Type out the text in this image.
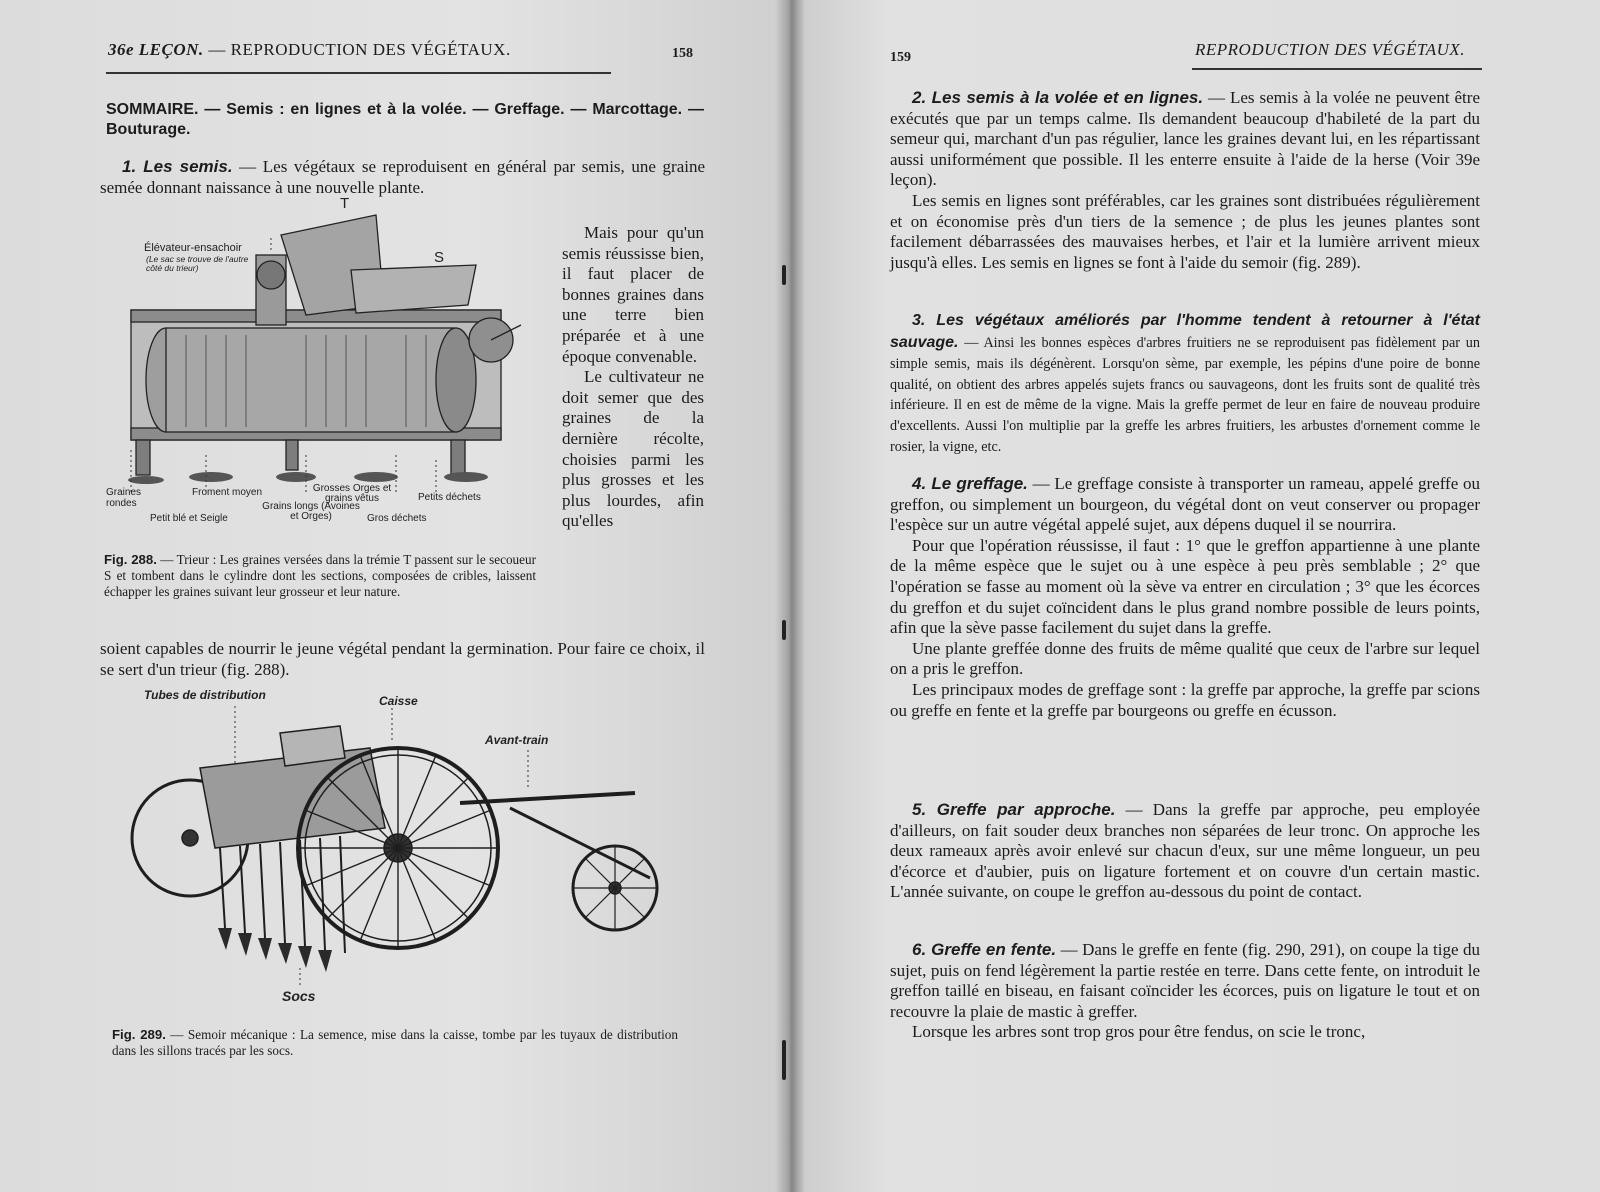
36e LEÇON. — REPRODUCTION DES VÉGÉTAUX.	158
SOMMAIRE. — Semis : en lignes et à la volée. — Greffage. — Marcottage. — Bouturage.

1. Les semis. — Les végétaux se reproduisent en général par semis, une graine semée donnant naissance à une nouvelle plante.

Mais pour qu'un semis réussisse bien, il faut placer de bonnes graines dans une terre bien préparée et à une époque convenable.

Le cultivateur ne doit semer que des graines de la dernière récolte, choisies parmi les plus grosses et les plus lourdes, afin qu'elles

soient capables de nourrir le jeune végétal pendant la germination. Pour faire ce choix, il se sert d'un trieur (fig. 288).
T
S
Élévateur-ensachoir
(Le sac se trouve de l'autre côté du trieur)
Graines rondes
Froment moyen	Grosses Orges et grains vêtus	Petits déchets
Petit blé et Seigle
Grains longs (Avoines et Orges)	Gros déchets
Fig. 288. — Trieur : Les graines versées dans la trémie T passent sur le secoueur S et tombent dans le cylindre dont les sections, composées de cribles, laissent échapper les graines suivant leur grosseur et leur nature.
Tubes de distribution	Caisse
Avant-train
Socs
Fig. 289. — Semoir mécanique : La semence, mise dans la caisse, tombe par les tuyaux de distribution dans les sillons tracés par les socs.
159	REPRODUCTION DES VÉGÉTAUX.

2. Les semis à la volée et en lignes. — Les semis à la volée ne peuvent être exécutés que par un temps calme. Ils demandent beaucoup d'habileté de la part du semeur qui, marchant d'un pas régulier, lance les graines devant lui, en les répartissant aussi uniformément que possible. Il les enterre ensuite à l'aide de la herse (Voir 39e leçon).

Les semis en lignes sont préférables, car les graines sont distribuées régulièrement et on économise près d'un tiers de la semence ; de plus les jeunes plantes sont facilement débarrassées des mauvaises herbes, et l'air et la lumière arrivent mieux jusqu'à elles. Les semis en lignes se font à l'aide du semoir (fig. 289).

3. Les végétaux améliorés par l'homme tendent à retourner à l'état sauvage. — Ainsi les bonnes espèces d'arbres fruitiers ne se reproduisent pas fidèlement par un simple semis, mais ils dégénèrent. Lorsqu'on sème, par exemple, les pépins d'une poire de bonne qualité, on obtient des arbres appelés sujets francs ou sauvageons, dont les fruits sont de qualité très inférieure. Il en est de même de la vigne. Mais la greffe permet de leur en faire de nouveau produire d'excellents. Aussi l'on multiplie par la greffe les arbres fruitiers, les arbustes d'ornement comme le rosier, la vigne, etc.

4. Le greffage. — Le greffage consiste à transporter un rameau, appelé greffe ou greffon, ou simplement un bourgeon, du végétal dont on veut conserver ou propager l'espèce sur un autre végétal appelé sujet, aux dépens duquel il se nourrira.

Pour que l'opération réussisse, il faut : 1° que le greffon appartienne à une plante de la même espèce que le sujet ou à une espèce à peu près semblable ; 2° que l'opération se fasse au moment où la sève va entrer en circulation ; 3° que les écorces du greffon et du sujet coïncident dans le plus grand nombre possible de leurs points, afin que la sève passe facilement du sujet dans la greffe.

Une plante greffée donne des fruits de même qualité que ceux de l'arbre sur lequel on a pris le greffon.

Les principaux modes de greffage sont : la greffe par approche, la greffe par scions ou greffe en fente et la greffe par bourgeons ou greffe en écusson.

5. Greffe par approche. — Dans la greffe par approche, peu employée d'ailleurs, on fait souder deux branches non séparées de leur tronc. On approche les deux rameaux après avoir enlevé sur chacun d'eux, sur une même longueur, un peu d'écorce et d'aubier, puis on ligature fortement et on couvre d'un certain mastic. L'année suivante, on coupe le greffon au-dessous du point de contact.

6. Greffe en fente. — Dans le greffe en fente (fig. 290, 291), on coupe la tige du sujet, puis on fend légèrement la partie restée en terre. Dans cette fente, on introduit le greffon taillé en biseau, en faisant coïncider les écorces, puis on ligature le tout et on recouvre la plaie de mastic à greffer.

Lorsque les arbres sont trop gros pour être fendus, on scie le tronc,
